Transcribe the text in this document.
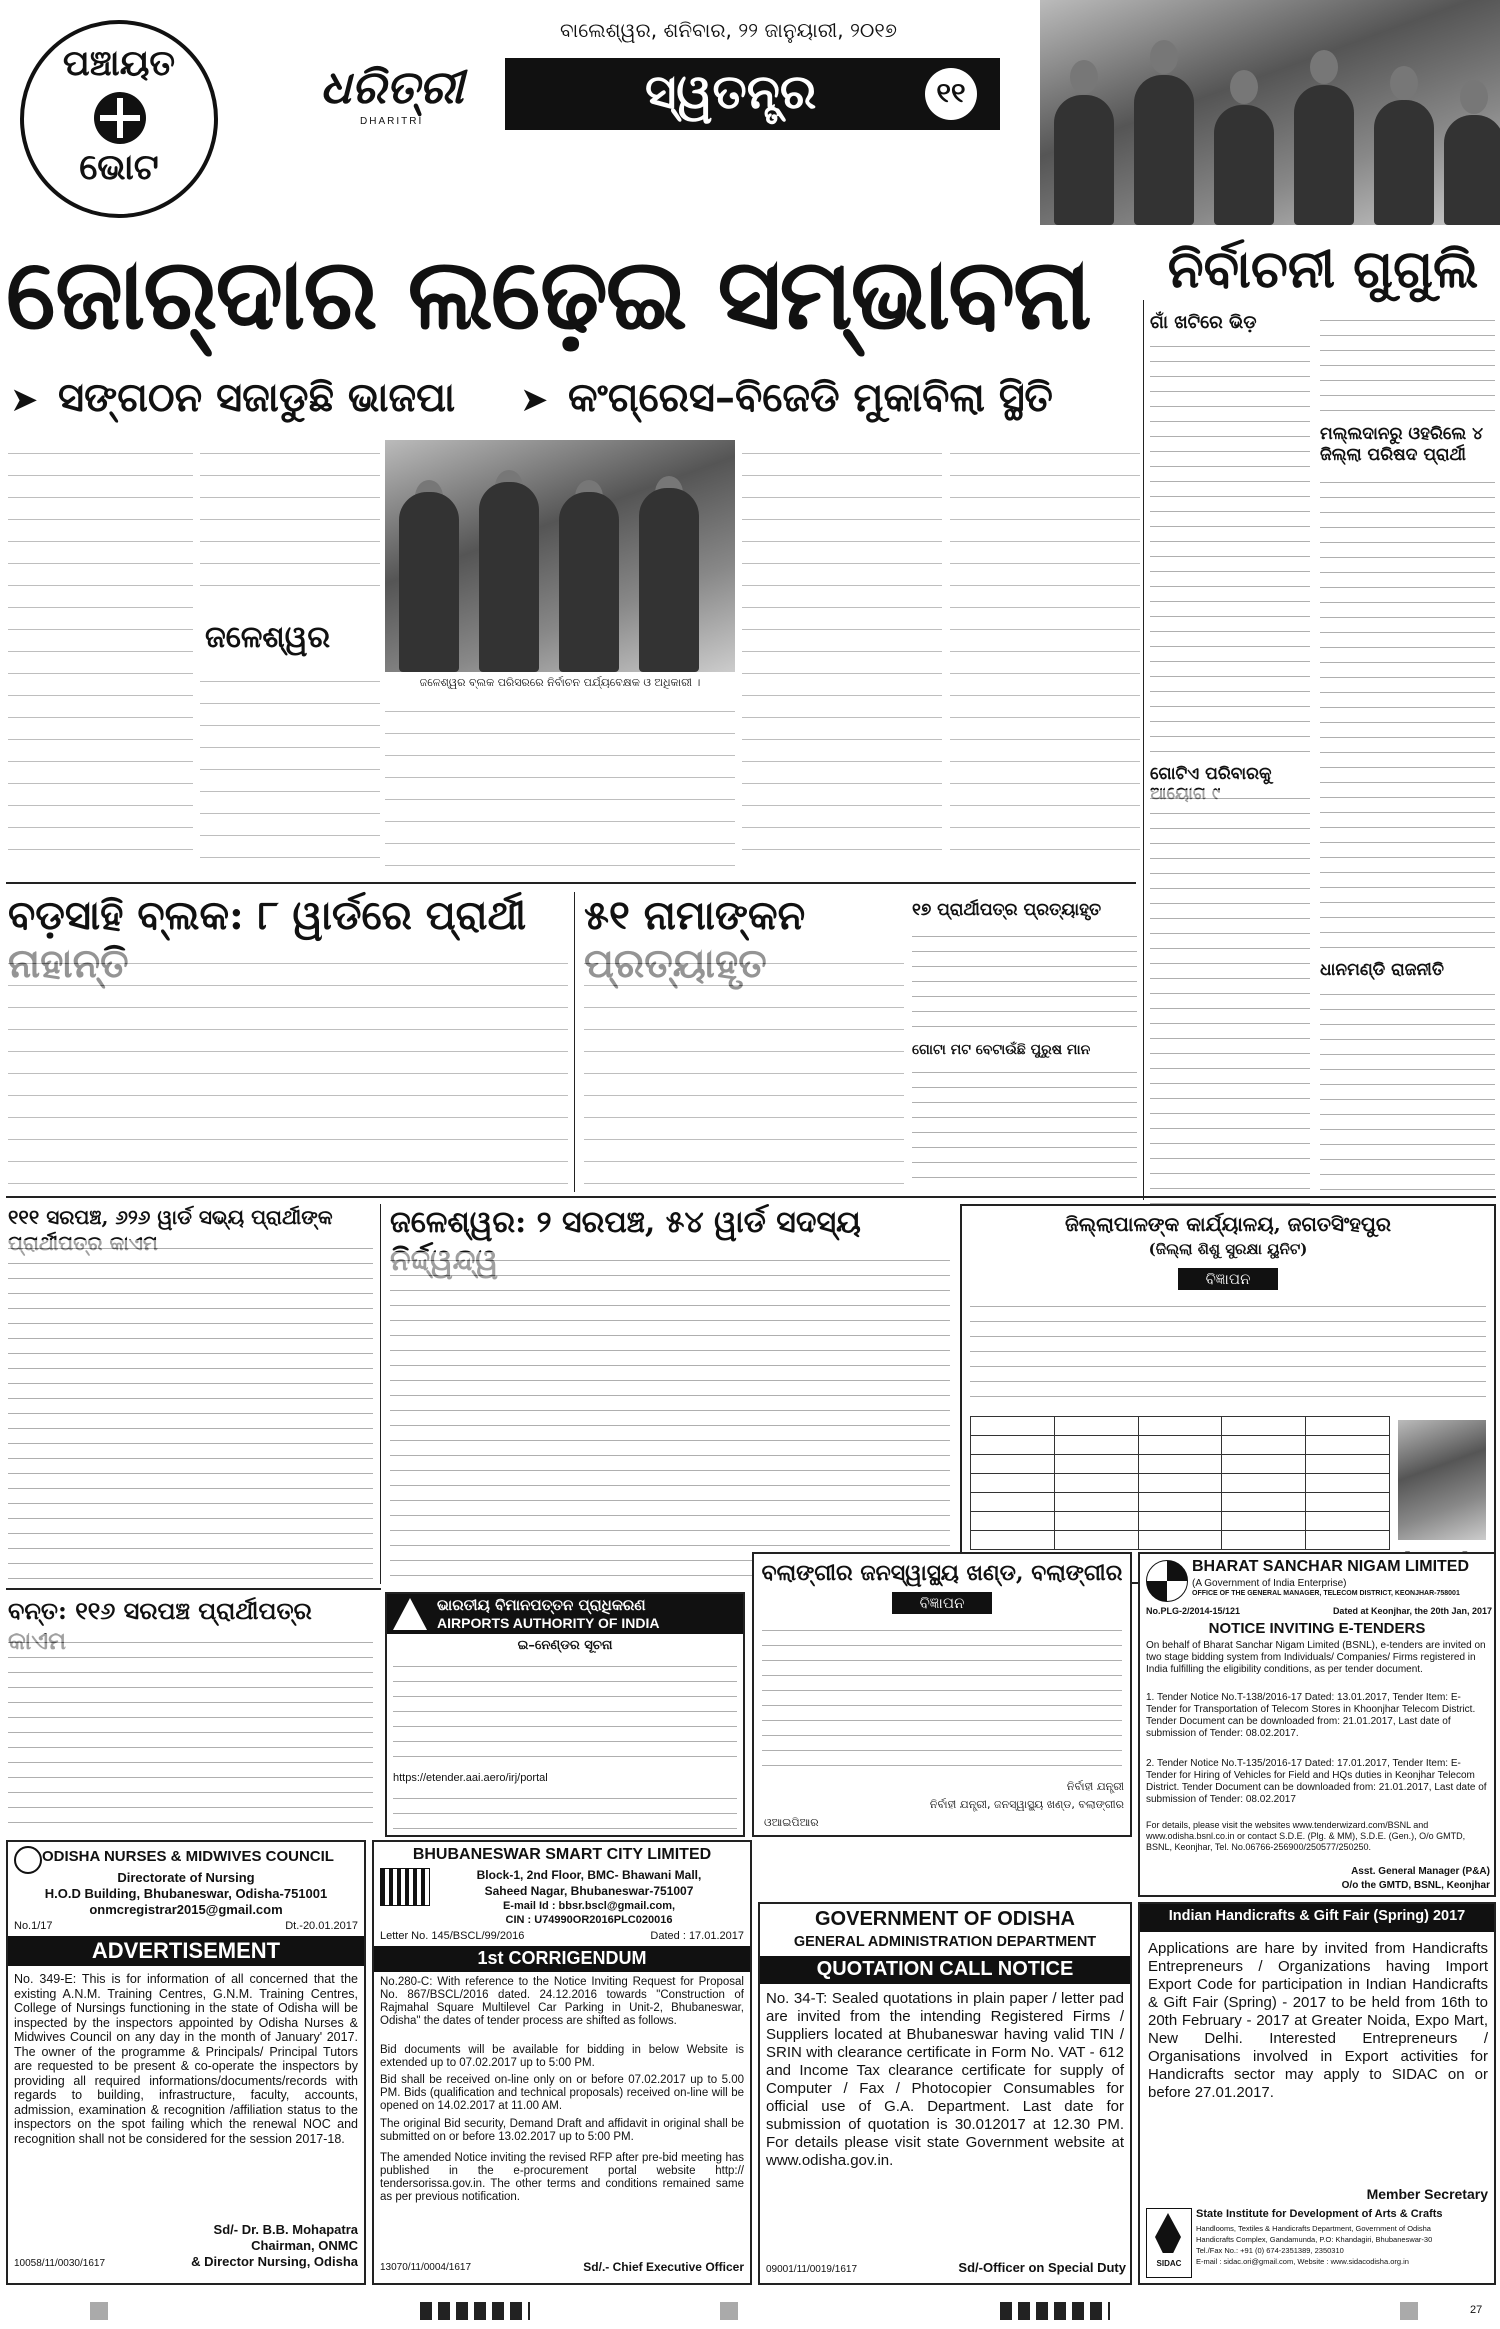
ବାଲେଶ୍ୱର, ଶନିବାର, ୨୨ ଜାନୁୟାରୀ, ୨୦୧୭
ପଞ୍ଚାୟତ
ଭୋଟ
ଧରିତ୍ରୀ
DHARITRI
ସ୍ୱତନ୍ତ୍ର	୧୧
ଜୋର୍‌ଦାର ଲଢ଼େଇ ସମ୍ଭାବନା
➤ ସଙ୍ଗଠନ ସଜାଡୁଛି ଭାଜପା ➤ କଂଗ୍ରେସ–ବିଜେଡି ମୁକାବିଲା ସ୍ଥିତି
ଜଳେଶ୍ୱର
ଜଳେଶ୍ୱର ବ୍ଲକ ପରିସରରେ ନିର୍ବାଚନ ପର୍ଯ୍ୟବେକ୍ଷକ ଓ ଅଧିକାରୀ ।
ନିର୍ବାଚନୀ ଗୁଗୁଲି
ଗାଁ ଖଟିରେ ଭିଡ଼
ମଲ୍ଲଦାନରୁ ଓହରିଲେ ୪ ଜିଲ୍ଲା ପରିଷଦ ପ୍ରାର୍ଥୀ
ଗୋଟିଏ ପରିବାରକୁ
ଧାନମଣ୍ଡି ରାଜନୀତି
ବଡ଼ସାହି ବ୍ଲକ: ୮ ୱାର୍ଡରେ ପ୍ରାର୍ଥୀ	୫୧ ନାମାଙ୍କନ	୧୭ ପ୍ରାର୍ଥୀପତ୍ର ପ୍ରତ୍ୟାହୃତ
ଗୋଟା ମଟ ବେଟାଉଁଛି ପୁରୁଷ ମାନ
୧୧୧ ସରପଞ୍ଚ, ୬୨୬ ୱାର୍ଡ ସଭ୍ୟ ପ୍ରାର୍ଥୀଙ୍କ	ଜଳେଶ୍ୱର: ୨ ସରପଞ୍ଚ, ୫୪ ୱାର୍ଡ ସଦସ୍ୟ	ଜିଲ୍ଲାପାଳଙ୍କ କାର୍ଯ୍ୟାଳୟ, ଜଗତସିଂହପୁର
(ଜିଲ୍ଲା ଶିଶୁ ସୁରକ୍ଷା ୟୁନିଟ)
ବିଜ୍ଞାପନ

ବନ୍ତ: ୧୧୬ ସରପଞ୍ଚ ପ୍ରାର୍ଥୀପତ୍ର	ଭାରତୀୟ ବିମାନପତ୍ତନ ପ୍ରାଧିକରଣ
AIRPORTS AUTHORITY OF INDIA
ଇ–ନେଣ୍ଡର ସୂଚନା
https://etender.aai.aero/irj/portal
ବଲାଙ୍ଗୀର ଜନସ୍ୱାସ୍ଥ୍ୟ ଖଣ୍ଡ, ବଲାଙ୍ଗୀର
ବିଜ୍ଞାପନ
ନିର୍ବାହୀ ଯନ୍ତ୍ରୀ
ନିର୍ବାହୀ ଯନ୍ତ୍ରୀ, ଜନସ୍ୱାସ୍ଥ୍ୟ ଖଣ୍ଡ, ବଲାଙ୍ଗୀର
ଓଆଇପିଆର
BHARAT SANCHAR NIGAM LIMITED
(A Government of India Enterprise)
OFFICE OF THE GENERAL MANAGER, TELECOM DISTRICT, KEONJHAR-758001
No.PLG-2/2014-15/121	Dated at Keonjhar, the 20th Jan, 2017
NOTICE INVITING E-TENDERS
On behalf of Bharat Sanchar Nigam Limited (BSNL), e-tenders are invited on two stage bidding system from Individuals/ Companies/ Firms registered in India fulfilling the eligibility conditions, as per tender document.
1. Tender Notice No.T-138/2016-17 Dated: 13.01.2017, Tender Item: E-Tender for Transportation of Telecom Stores in Khoonjhar Telecom District. Tender Document can be downloaded from: 21.01.2017, Last date of submission of Tender: 08.02.2017.
2. Tender Notice No.T-135/2016-17 Dated: 17.01.2017, Tender Item: E-Tender for Hiring of Vehicles for Field and HQs duties in Keonjhar Telecom District. Tender Document can be downloaded from: 21.01.2017, Last date of submission of Tender: 08.02.2017
For details, please visit the websites www.tenderwizard.com/BSNL and www.odisha.bsnl.co.in or contact S.D.E. (Plg. & MM), S.D.E. (Gen.), O/o GMTD, BSNL, Keonjhar, Tel. No.06766-256900/250577/250250.
Asst. General Manager (P&A)
O/o the GMTD, BSNL, Keonjhar
ODISHA NURSES & MIDWIVES COUNCIL
Directorate of Nursing
H.O.D Building, Bhubaneswar, Odisha-751001
onmcregistrar2015@gmail.com
No.1/17	Dt.-20.01.2017
ADVERTISEMENT
No. 349-E: This is for information of all concerned that the existing A.N.M. Training Centres, G.N.M. Training Centres, College of Nursings functioning in the state of Odisha will be inspected by the inspectors appointed by Odisha Nurses & Midwives Council on any day in the month of January' 2017. The owner of the programme & Principals/ Principal Tutors are requested to be present & co-operate the inspectors by providing all required informations/documents/records with regards to building, infrastructure, faculty, accounts, admission, examination & recognition /affiliation status to the inspectors on the spot failing which the renewal NOC and recognition shall not be considered for the session 2017-18.
Sd/- Dr. B.B. Mohapatra
Chairman, ONMC
10058/11/0030/1617	& Director Nursing, Odisha
BHUBANESWAR SMART CITY LIMITED
Block-1, 2nd Floor, BMC- Bhawani Mall,
Saheed Nagar, Bhubaneswar-751007
E-mail Id : bbsr.bscl@gmail.com,
CIN : U74990OR2016PLC020016
Letter No. 145/BSCL/99/2016	Dated : 17.01.2017
1st CORRIGENDUM
No.280-C: With reference to the Notice Inviting Request for Proposal No. 867/BSCL/2016 dated. 24.12.2016 towards "Construction of Rajmahal Square Multilevel Car Parking in Unit-2, Bhubaneswar, Odisha" the dates of tender process are shifted as follows.
Bid documents will be available for bidding in below Website is extended up to 07.02.2017 up to 5:00 PM.
Bid shall be received on-line only on or before 07.02.2017 up to 5.00 PM. Bids (qualification and technical proposals) received on-line will be opened on 14.02.2017 at 11.00 AM.
The original Bid security, Demand Draft and affidavit in original shall be submitted on or before 13.02.2017 up to 5:00 PM.
The amended Notice inviting the revised RFP after pre-bid meeting has published in the e-procurement portal website http:// tendersorissa.gov.in. The other terms and conditions remained same as per previous notification.
13070/11/0004/1617	Sd/.- Chief Executive Officer
GOVERNMENT OF ODISHA
GENERAL ADMINISTRATION DEPARTMENT
QUOTATION CALL NOTICE
No. 34-T: Sealed quotations in plain paper / letter pad are invited from the intending Registered Firms / Suppliers located at Bhubaneswar having valid TIN / SRIN with clearance certificate in Form No. VAT - 612 and Income Tax clearance certificate for supply of Computer / Fax / Photocopier Consumables for official use of G.A. Department. Last date for submission of quotation is 30.012017 at 12.30 PM. For details please visit state Government website at www.odisha.gov.in.
09001/11/0019/1617	Sd/-Officer on Special Duty
Indian Handicrafts & Gift Fair (Spring) 2017
Applications are hare by invited from Handicrafts Entrepreneurs / Organizations having Import Export Code for participation in Indian Handicrafts & Gift Fair (Spring) - 2017 to be held from 16th to 20th February - 2017 at Greater Noida, Expo Mart, New Delhi. Interested Entrepreneurs / Organisations involved in Export activities for Handicrafts sector may apply to SIDAC on or before 27.01.2017.
Member Secretary
SIDAC
State Institute for Development of Arts & Crafts
Handlooms, Textiles & Handicrafts Department, Government of Odisha
Handicrafts Complex, Gandamunda, P.O: Khandagiri, Bhubaneswar-30
Tel./Fax No.: +91 (0) 674-2351389, 2350310
E-mail : sidac.ori@gmail.com, Website : www.sidacodisha.org.in
27
